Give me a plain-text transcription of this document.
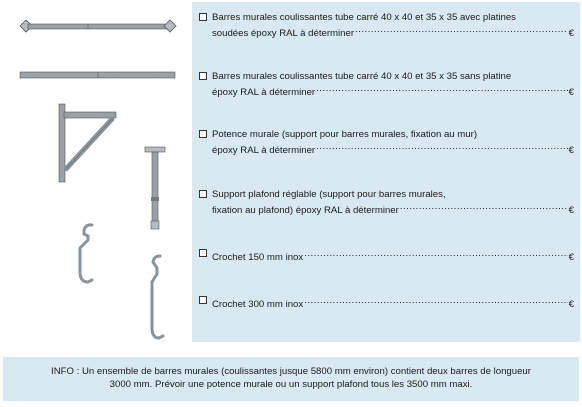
Barres murales coulissantes tube carré 40 x 40 et 35 x 35 avec platines
soudées époxy RAL à déterminer .....	€
Barres murales coulissantes tube carré 40 x 40 et 35 x 35 sans platine
époxy RAL à déterminer .....	€
Potence murale (support pour barres murales, fixation au mur)
époxy RAL à déterminer .....	€
Support plafond réglable (support pour barres murales,
fixation au plafond) époxy RAL à déterminer .....	€
Crochet 150 mm inox .....	€
Crochet 300 mm inox .....	€
INFO : Un ensemble de barres murales (coulissantes jusque 5800 mm environ) contient deux barres de longueur
3000 mm. Prévoir une potence murale ou un support plafond tous les 3500 mm maxi.
